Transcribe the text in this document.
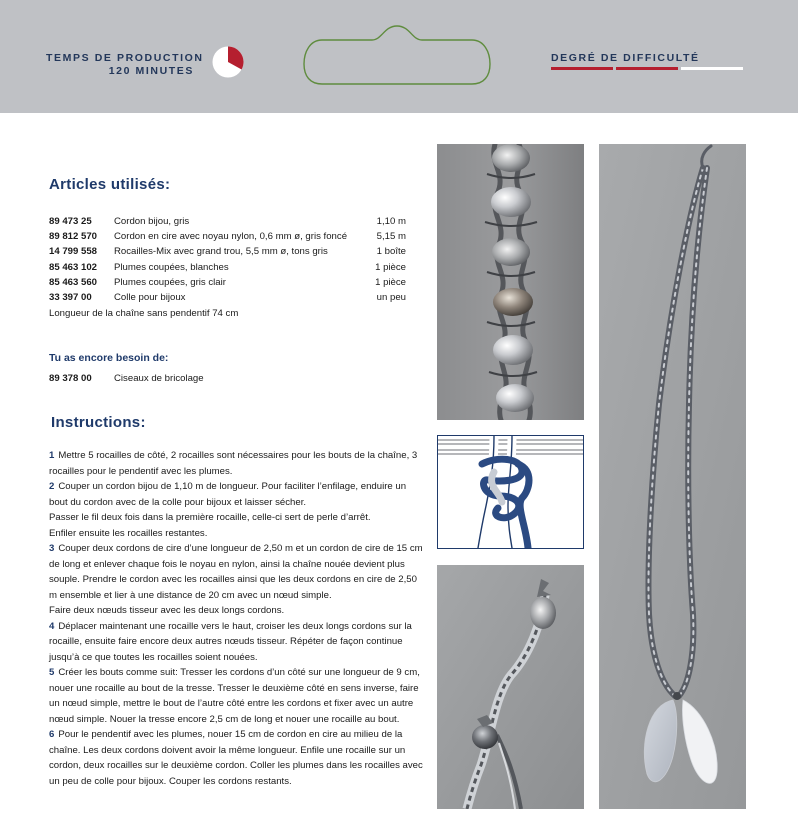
TEMPS DE PRODUCTION
120 MINUTES
DEGRÉ DE DIFFICULTÉ
Articles utilisés:
89 473 25 Cordon bijou, gris	1,10 m
89 812 570 Cordon en cire avec noyau nylon, 0,6 mm ø, gris foncé	5,15 m
14 799 558 Rocailles-Mix avec grand trou, 5,5 mm ø, tons gris	1 boîte
85 463 102 Plumes coupées, blanches	1 pièce
85 463 560 Plumes coupées, gris clair	1 pièce
33 397 00 Colle pour bijoux	un peu
Longueur de la chaîne sans pendentif 74 cm
Tu as encore besoin de:
89 378 00 Ciseaux de bricolage
Instructions:

1 Mettre 5 rocailles de côté, 2 rocailles sont nécessaires pour les bouts de la chaîne, 3 rocailles pour le pendentif avec les plumes.

2 Couper un cordon bijou de 1,10 m de longueur. Pour faciliter l’enfilage, enduire un bout du cordon avec de la colle pour bijoux et laisser sécher.

Passer le fil deux fois dans la première rocaille, celle-ci sert de perle d’arrêt.

Enfiler ensuite les rocailles restantes.

3 Couper deux cordons de cire d’une longueur de 2,50 m et un cordon de cire de 15 cm de long et enlever chaque fois le noyau en nylon, ainsi la chaîne nouée devient plus souple. Prendre le cordon avec les rocailles ainsi que les deux cordons en cire de 2,50 m ensemble et lier à une distance de 20 cm avec un nœud simple.

Faire deux nœuds tisseur avec les deux longs cordons.

4 Déplacer maintenant une rocaille vers le haut, croiser les deux longs cordons sur la rocaille, ensuite faire encore deux autres nœuds tisseur. Répéter de façon continue jusqu’à ce que toutes les rocailles soient nouées.

5 Créer les bouts comme suit: Tresser les cordons d’un côté sur une longueur de 9 cm, nouer une rocaille au bout de la tresse. Tresser le deuxième côté en sens inverse, faire un nœud simple, mettre le bout de l’autre côté entre les cordons et fixer avec un autre nœud simple. Nouer la tresse encore 2,5 cm de long et nouer une rocaille au bout.

6 Pour le pendentif avec les plumes, nouer 15 cm de cordon en cire au milieu de la chaîne. Les deux cordons doivent avoir la même longueur. Enfile une rocaille sur un cordon, deux rocailles sur le deuxième cordon. Coller les plumes dans les rocailles avec un peu de colle pour bijoux. Couper les cordons restants.
